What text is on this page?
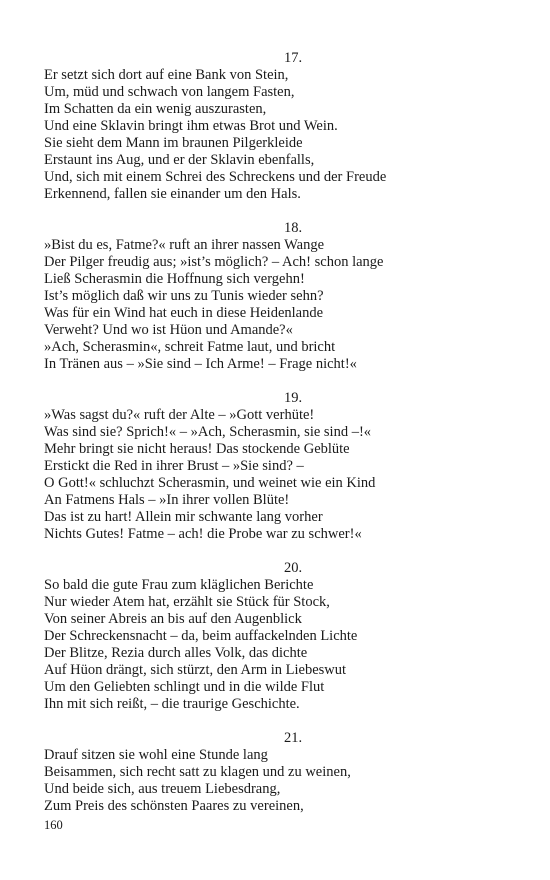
17.
Er setzt sich dort auf eine Bank von Stein,
Um, müd und schwach von langem Fasten,
Im Schatten da ein wenig auszurasten,
Und eine Sklavin bringt ihm etwas Brot und Wein.
Sie sieht dem Mann im braunen Pilgerkleide
Erstaunt ins Aug, und er der Sklavin ebenfalls,
Und, sich mit einem Schrei des Schreckens und der Freude
Erkennend, fallen sie einander um den Hals.
18.
»Bist du es, Fatme?« ruft an ihrer nassen Wange
Der Pilger freudig aus; »ist’s möglich? – Ach! schon lange
Ließ Scherasmin die Hoffnung sich vergehn!
Ist’s möglich daß wir uns zu Tunis wieder sehn?
Was für ein Wind hat euch in diese Heidenlande
Verweht? Und wo ist Hüon und Amande?«
»Ach, Scherasmin«, schreit Fatme laut, und bricht
In Tränen aus – »Sie sind – Ich Arme! – Frage nicht!«
19.
»Was sagst du?« ruft der Alte – »Gott verhüte!
Was sind sie? Sprich!« – »Ach, Scherasmin, sie sind –!«
Mehr bringt sie nicht heraus! Das stockende Geblüte
Erstickt die Red in ihrer Brust – »Sie sind? –
O Gott!« schluchzt Scherasmin, und weinet wie ein Kind
An Fatmens Hals – »In ihrer vollen Blüte!
Das ist zu hart! Allein mir schwante lang vorher
Nichts Gutes! Fatme – ach! die Probe war zu schwer!«
20.
So bald die gute Frau zum kläglichen Berichte
Nur wieder Atem hat, erzählt sie Stück für Stock,
Von seiner Abreis an bis auf den Augenblick
Der Schreckensnacht – da, beim auffackelnden Lichte
Der Blitze, Rezia durch alles Volk, das dichte
Auf Hüon drängt, sich stürzt, den Arm in Liebeswut
Um den Geliebten schlingt und in die wilde Flut
Ihn mit sich reißt, – die traurige Geschichte.
21.
Drauf sitzen sie wohl eine Stunde lang
Beisammen, sich recht satt zu klagen und zu weinen,
Und beide sich, aus treuem Liebesdrang,
Zum Preis des schönsten Paares zu vereinen,
160
